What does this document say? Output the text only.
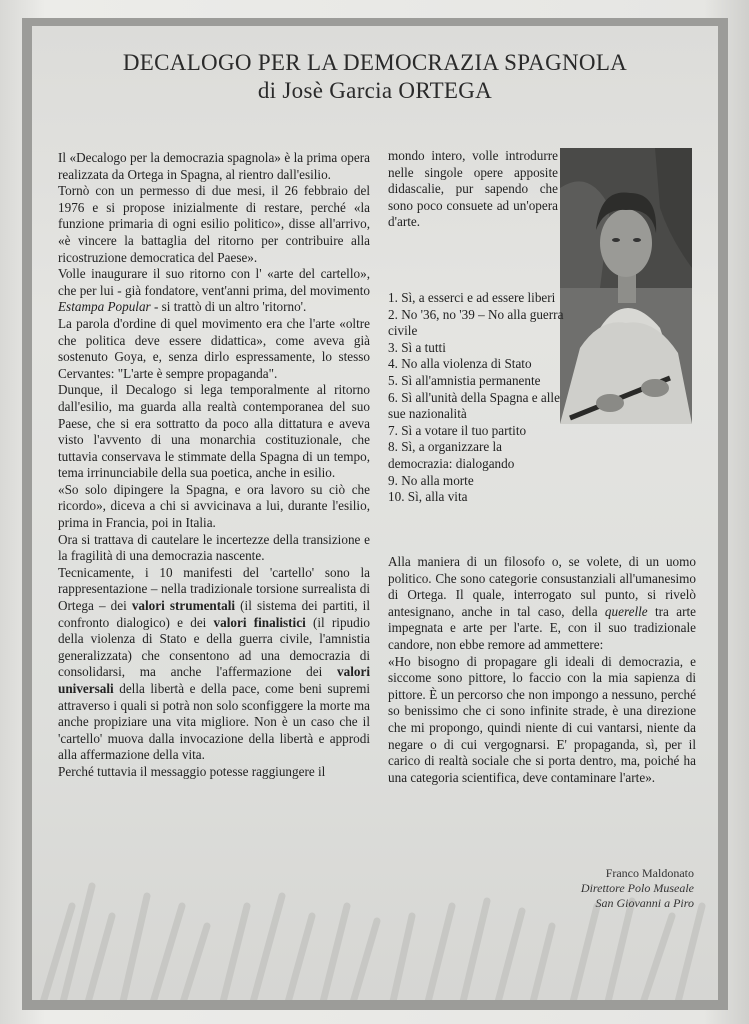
DECALOGO PER LA DEMOCRAZIA SPAGNOLA
di Josè Garcia ORTEGA

Il «Decalogo per la democrazia spagnola» è la prima opera realizzata da Ortega in Spagna, al rientro dall'esilio.

Tornò con un permesso di due mesi, il 26 febbraio del 1976 e si propose inizialmente di restare, perché «la funzione primaria di ogni esilio politico», disse all'arrivo, «è vincere la battaglia del ritorno per contribuire alla ricostruzione democratica del Paese».

Volle inaugurare il suo ritorno con l' «arte del cartello», che per lui - già fondatore, vent'anni prima, del movimento Estampa Popular - si trattò di un altro 'ritorno'.

La parola d'ordine di quel movimento era che l'arte «oltre che politica deve essere didattica», come aveva già sostenuto Goya, e, senza dirlo espressamente, lo stesso Cervantes: "L'arte è sempre propaganda".

Dunque, il Decalogo si lega temporalmente al ritorno dall'esilio, ma guarda alla realtà contemporanea del suo Paese, che si era sottratto da poco alla dittatura e aveva visto l'avvento di una monarchia costituzionale, che tuttavia conservava le stimmate della Spagna di un tempo, tema irrinunciabile della sua poetica, anche in esilio.

«So solo dipingere la Spagna, e ora lavoro su ciò che ricordo», diceva a chi si avvicinava a lui, durante l'esilio, prima in Francia, poi in Italia.

Ora si trattava di cautelare le incertezze della transizione e la fragilità di una democrazia nascente.

Tecnicamente, i 10 manifesti del 'cartello' sono la rappresentazione – nella tradizionale torsione surrealista di Ortega – dei valori strumentali (il sistema dei partiti, il confronto dialogico) e dei valori finalistici (il ripudio della violenza di Stato e della guerra civile, l'amnistia generalizzata) che consentono ad una democrazia di consolidarsi, ma anche l'affermazione dei valori universali della libertà e della pace, come beni supremi attraverso i quali si potrà non solo sconfiggere la morte ma anche propiziare una vita migliore. Non è un caso che il 'cartello' muova dalla invocazione della libertà e approdi alla affermazione della vita.

Perché tuttavia il messaggio potesse raggiungere il

mondo intero, volle introdurre nelle singole opere apposite didascalie, pur sapendo che sono poco consuete ad un'opera d'arte.
1. Sì, a esserci e ad essere liberi
2. No '36, no '39 – No alla guerra civile
3. Sì a tutti
4. No alla violenza di Stato
5. Sì all'amnistia permanente
6. Sì all'unità della Spagna e alle sue nazionalità
7. Sì a votare il tuo partito
8. Sì, a organizzare la democrazia: dialogando
9. No alla morte
10. Sì, alla vita

Alla maniera di un filosofo o, se volete, di un uomo politico. Che sono categorie consustanziali all'umanesimo di Ortega. Il quale, interrogato sul punto, si rivelò antesignano, anche in tal caso, della querelle tra arte impegnata e arte per l'arte. E, con il suo tradizionale candore, non ebbe remore ad ammettere:

«Ho bisogno di propagare gli ideali di democrazia, e siccome sono pittore, lo faccio con la mia sapienza di pittore. È un percorso che non impongo a nessuno, perché so benissimo che ci sono infinite strade, è una direzione che mi propongo, quindi niente di cui vantarsi, niente da negare o di cui vergognarsi. E' propaganda, sì, per il carico di realtà sociale che si porta dentro, ma, poiché ha una categoria scientifica, deve contaminare l'arte».

Franco Maldonato
Direttore Polo Museale
San Giovanni a Piro
